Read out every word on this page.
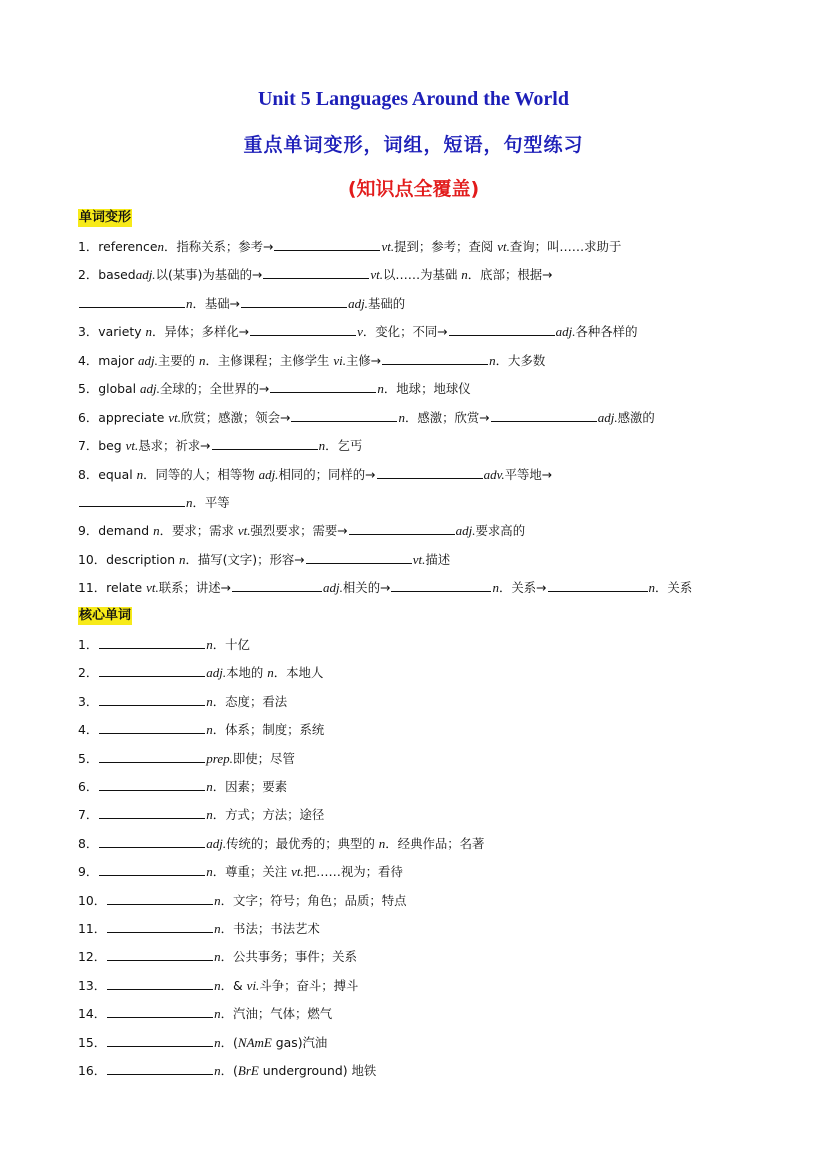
Unit 5 Languages Around the World
重点单词变形，词组，短语，句型练习
(知识点全覆盖)
单词变形
1．referencen．指称关系；参考→	vt.提到；参考；查阅 vt.查询；叫……求助于
2．basedadj.以(某事)为基础的→	vt.以……为基础 n．底部；根据→
n．基础→	adj.基础的
3．variety n．异体；多样化→	v．变化；不同→	adj.各种各样的
4．major adj.主要的 n．主修课程；主修学生 vi.主修→	n．大多数
5．global adj.全球的；全世界的→	n．地球；地球仪
6．appreciate vt.欣赏；感激；领会→	n．感激；欣赏→	adj.感激的
7．beg vt.恳求；祈求→	n．乞丐
8．equal n．同等的人；相等物 adj.相同的；同样的→	adv.平等地→
n．平等
9．demand n．要求；需求 vt.强烈要求；需要→	adj.要求高的
10．description n．描写(文字)；形容→	vt.描述
11．relate vt.联系；讲述→	adj.相关的→	n．关系→	n．关系
核心单词
1．	n．十亿
2．	adj.本地的 n．本地人
3．	n．态度；看法
4．	n．体系；制度；系统
5．	prep.即使；尽管
6．	n．因素；要素
7．	n．方式；方法；途径
8．	adj.传统的；最优秀的；典型的 n．经典作品；名著
9．	n．尊重；关注 vt.把……视为；看待
10．	n．文字；符号；角色；品质；特点
11．	n．书法；书法艺术
12．	n．公共事务；事件；关系
13．	n．& vi.斗争；奋斗；搏斗
14．	n．汽油；气体；燃气
15．	n．(NAmE gas)汽油
16．	n．(BrE underground) 地铁
